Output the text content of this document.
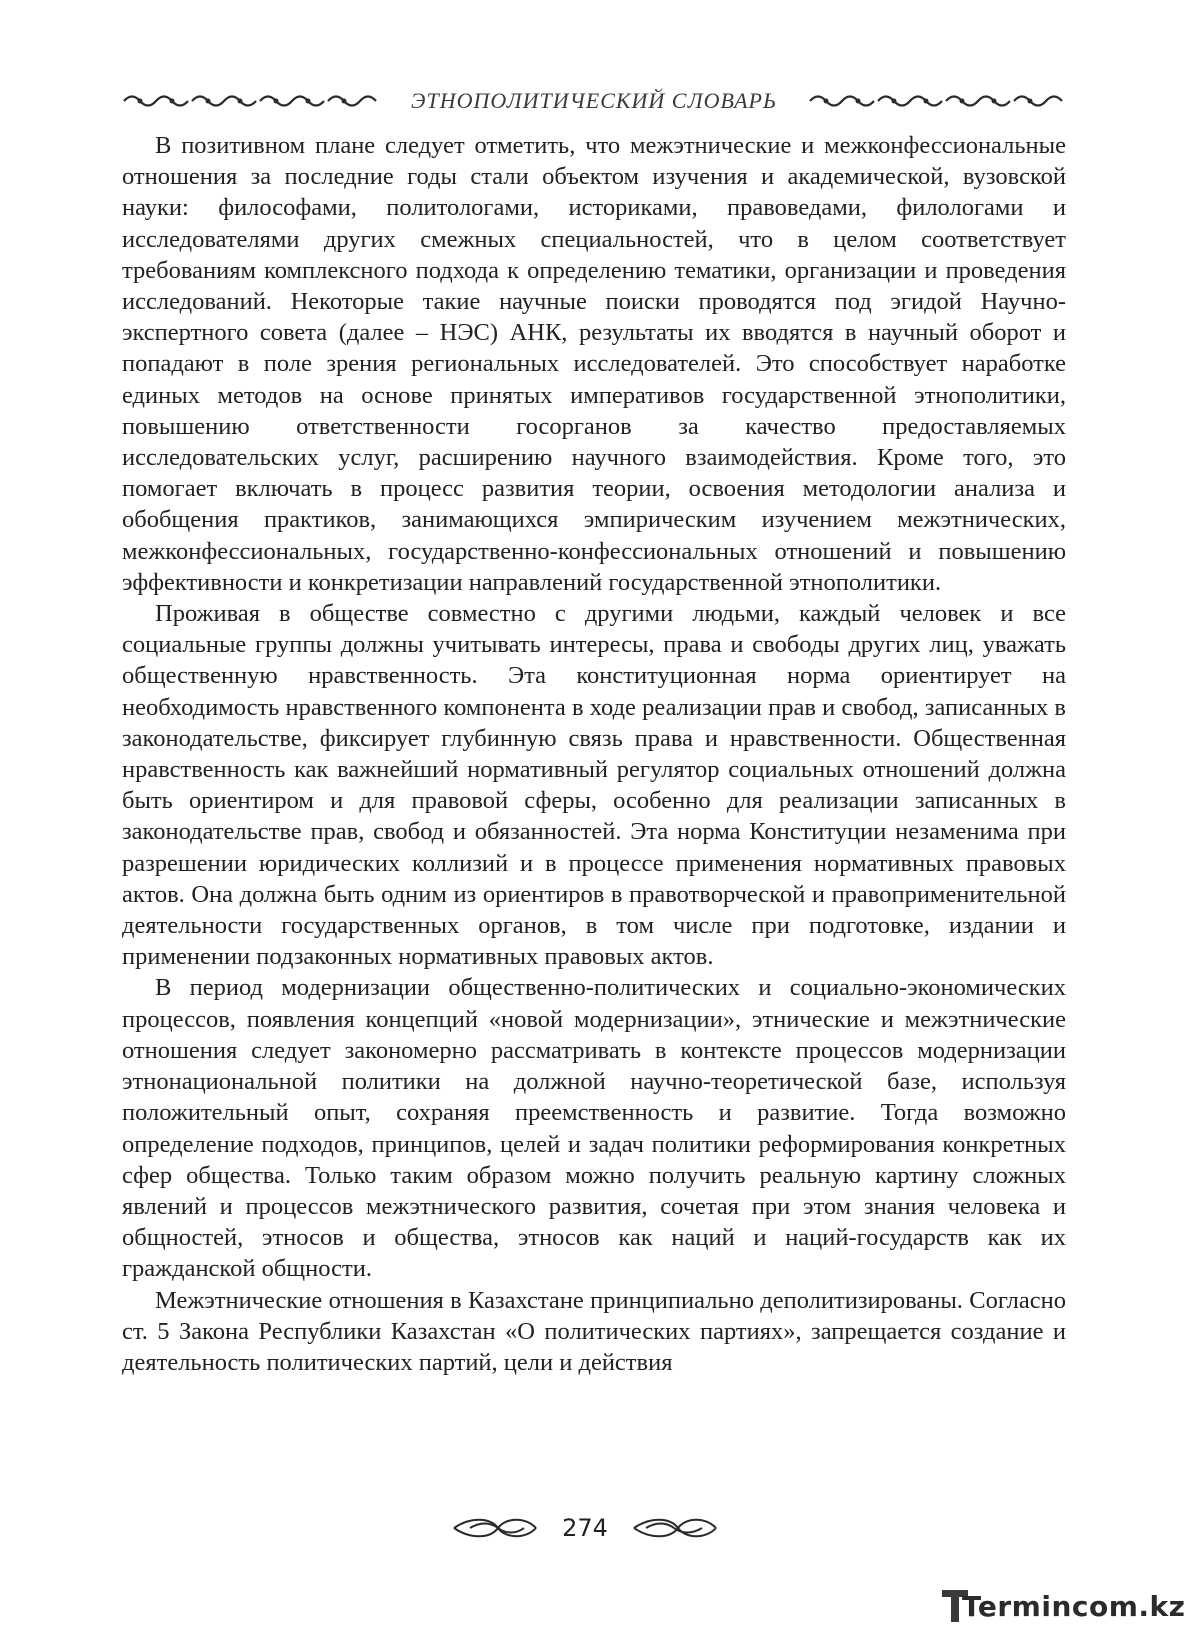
ЭТНОПОЛИТИЧЕСКИЙ СЛОВАРЬ

В позитивном плане следует отметить, что межэтнические и межконфессиональные отношения за последние годы стали объектом изучения и академической, вузовской науки: философами, политологами, историками, правоведами, филологами и исследователями других смежных специальностей, что в целом соответствует требованиям комплексного подхода к определению тематики, организации и проведения исследований. Некоторые такие научные поиски проводятся под эгидой Научно-экспертного совета (далее – НЭС) АНК, результаты их вводятся в научный оборот и попадают в поле зрения региональных исследователей. Это способствует наработке единых методов на основе принятых императивов государственной этнополитики, повышению ответственности госорганов за качество предоставляемых исследовательских услуг, расширению научного взаимодействия. Кроме того, это помогает включать в процесс развития теории, освоения методологии анализа и обобщения практиков, занимающихся эмпирическим изучением межэтнических, межконфессиональных, государственно-конфессиональных отношений и повышению эффективности и конкретизации направлений государственной этнополитики.

Проживая в обществе совместно с другими людьми, каждый человек и все социальные группы должны учитывать интересы, права и свободы других лиц, уважать общественную нравственность. Эта конституционная норма ориентирует на необходимость нравственного компонента в ходе реализации прав и свобод, записанных в законодательстве, фиксирует глубинную связь права и нравственности. Общественная нравственность как важнейший нормативный регулятор социальных отношений должна быть ориентиром и для правовой сферы, особенно для реализации записанных в законодательстве прав, свобод и обязанностей. Эта норма Конституции незаменима при разрешении юридических коллизий и в процессе применения нормативных правовых актов. Она должна быть одним из ориентиров в правотворческой и правоприменительной деятельности государственных органов, в том числе при подготовке, издании и применении подзаконных нормативных правовых актов.

В период модернизации общественно-политических и социально-экономических процессов, появления концепций «новой модернизации», этнические и межэтнические отношения следует закономерно рассматривать в контексте процессов модернизации этнонациональной политики на должной научно-теоретической базе, используя положительный опыт, сохраняя преемственность и развитие. Тогда возможно определение подходов, принципов, целей и задач политики реформирования конкретных сфер общества. Только таким образом можно получить реальную картину сложных явлений и процессов межэтнического развития, сочетая при этом знания человека и общностей, этносов и общества, этносов как наций и наций-государств как их гражданской общности.

Межэтнические отношения в Казахстане принципиально деполитизированы. Согласно ст. 5 Закона Республики Казахстан «О политических партиях», запрещается создание и деятельность политических партий, цели и действия

274
Termincom.kz
